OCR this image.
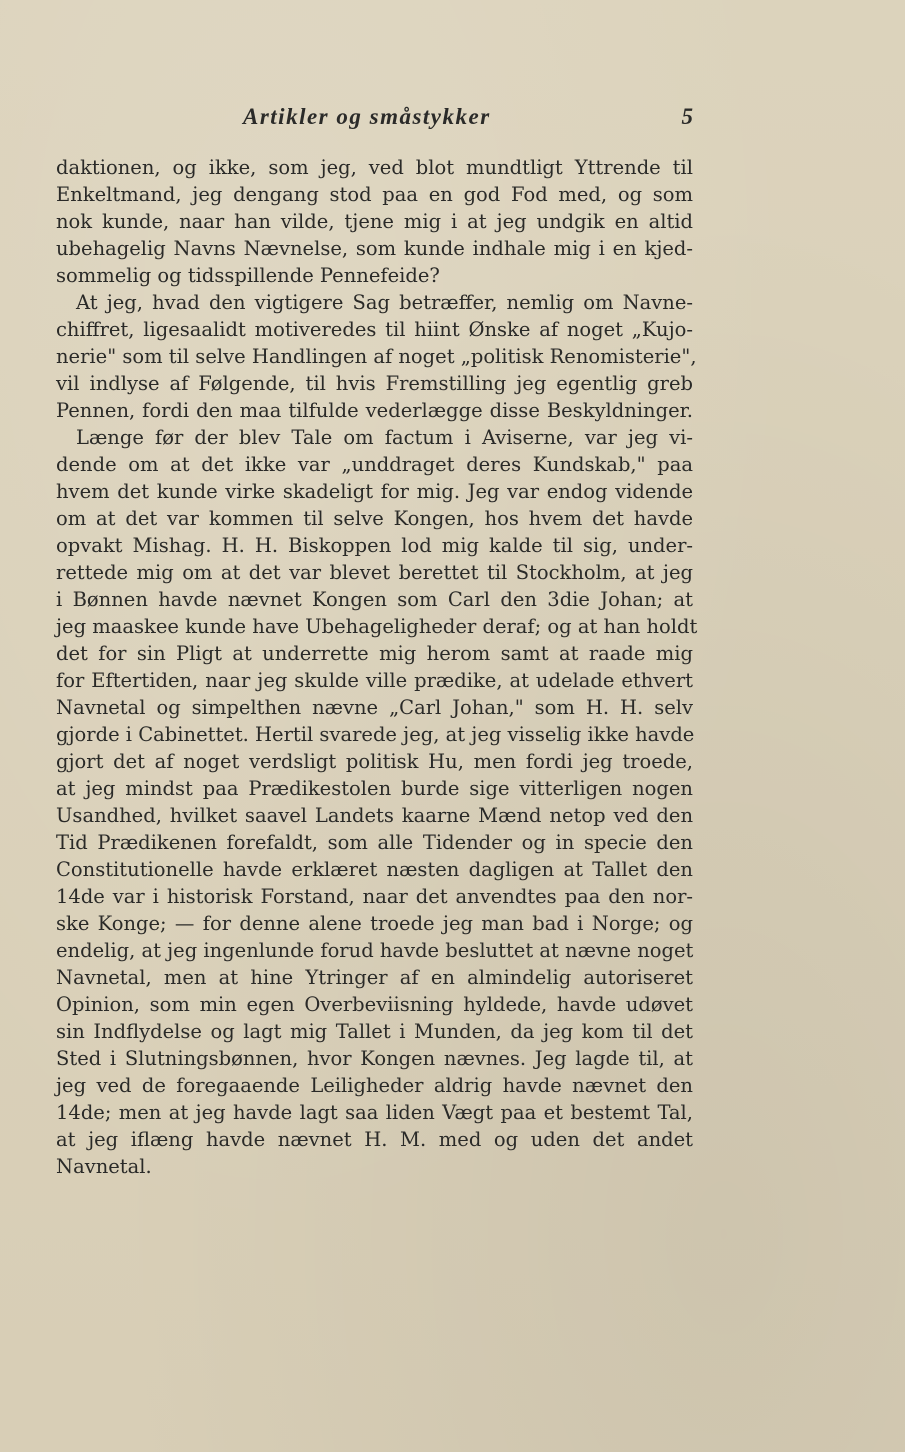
Artikler og småstykker	5
daktionen, og ikke, som jeg, ved blot mundtligt Yttrende til
Enkeltmand, jeg dengang stod paa en god Fod med, og som
nok kunde, naar han vilde, tjene mig i at jeg undgik en altid
ubehagelig Navns Nævnelse, som kunde indhale mig i en kjed-
sommelig og tidsspillende Pennefeide?
At jeg, hvad den vigtigere Sag betræffer, nemlig om Navne-
chiffret, ligesaalidt motiveredes til hiint Ønske af noget „Kujo-
nerie" som til selve Handlingen af noget „politisk Renomisterie",
vil indlyse af Følgende, til hvis Fremstilling jeg egentlig greb
Pennen, fordi den maa tilfulde vederlægge disse Beskyldninger.
Længe før der blev Tale om factum i Aviserne, var jeg vi-
dende om at det ikke var „unddraget deres Kundskab," paa
hvem det kunde virke skadeligt for mig. Jeg var endog vidende
om at det var kommen til selve Kongen, hos hvem det havde
opvakt Mishag. H. H. Biskoppen lod mig kalde til sig, under-
rettede mig om at det var blevet berettet til Stockholm, at jeg
i Bønnen havde nævnet Kongen som Carl den 3die Johan; at
jeg maaskee kunde have Ubehageligheder deraf; og at han holdt
det for sin Pligt at underrette mig herom samt at raade mig
for Eftertiden, naar jeg skulde ville prædike, at udelade ethvert
Navnetal og simpelthen nævne „Carl Johan," som H. H. selv
gjorde i Cabinettet. Hertil svarede jeg, at jeg visselig ikke havde
gjort det af noget verdsligt politisk Hu, men fordi jeg troede,
at jeg mindst paa Prædikestolen burde sige vitterligen nogen
Usandhed, hvilket saavel Landets kaarne Mænd netop ved den
Tid Prædikenen forefaldt, som alle Tidender og in specie den
Constitutionelle havde erklæret næsten dagligen at Tallet den
14de var i historisk Forstand, naar det anvendtes paa den nor-
ske Konge; — for denne alene troede jeg man bad i Norge; og
endelig, at jeg ingenlunde forud havde besluttet at nævne noget
Navnetal, men at hine Ytringer af en almindelig autoriseret
Opinion, som min egen Overbeviisning hyldede, havde udøvet
sin Indflydelse og lagt mig Tallet i Munden, da jeg kom til det
Sted i Slutningsbønnen, hvor Kongen nævnes. Jeg lagde til, at
jeg ved de foregaaende Leiligheder aldrig havde nævnet den
14de; men at jeg havde lagt saa liden Vægt paa et bestemt Tal,
at jeg iflæng havde nævnet H. M. med og uden det andet
Navnetal.
